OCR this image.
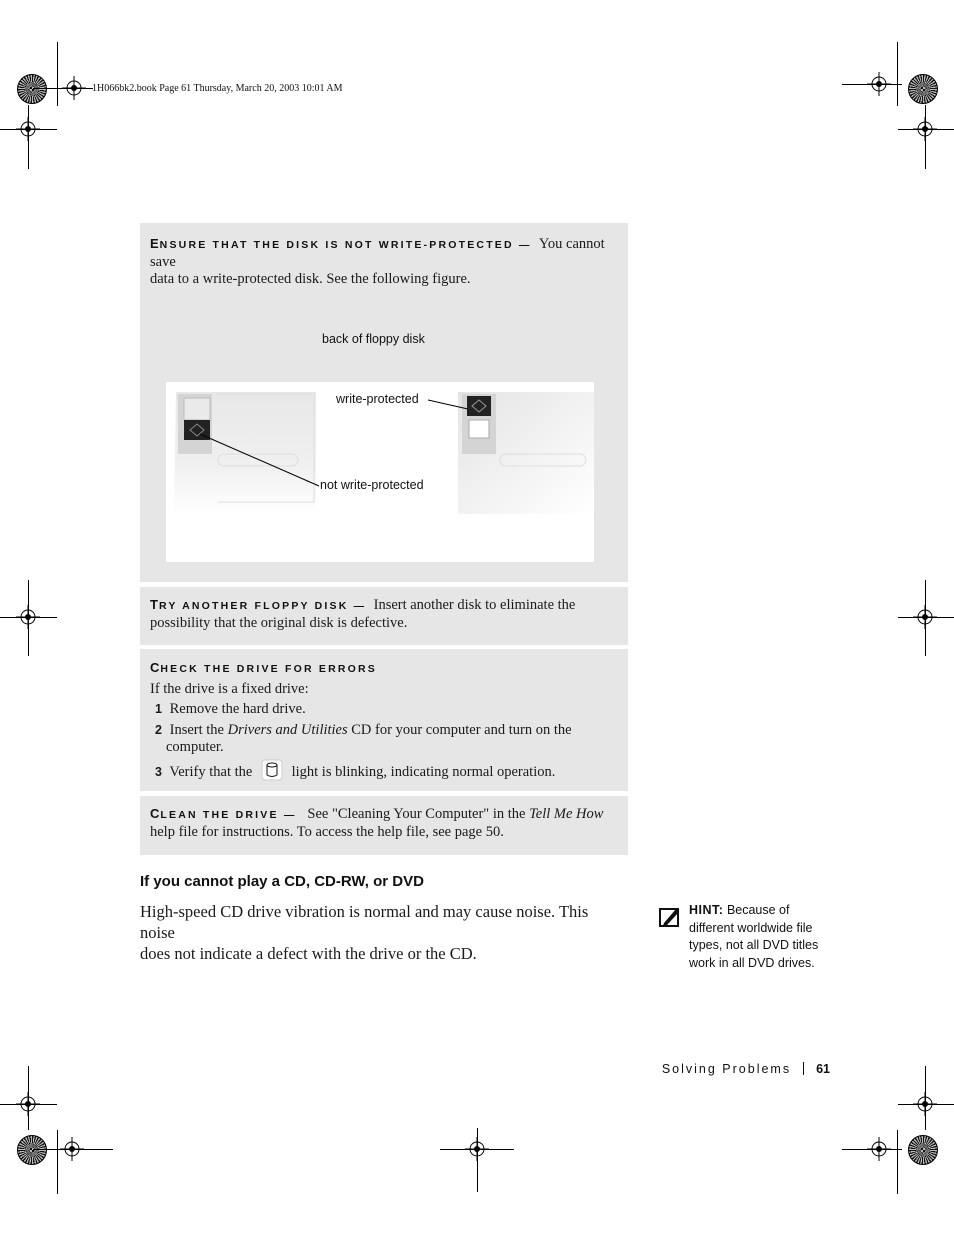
1H066bk2.book Page 61 Thursday, March 20, 2003 10:01 AM
ENSURE THAT THE DISK IS NOT WRITE-PROTECTED — You cannot save
data to a write-protected disk. See the following figure.
back of floppy disk
write-protected
not write-protected
TRY ANOTHER FLOPPY DISK — Insert another disk to eliminate the
possibility that the original disk is defective.
CHECK THE DRIVE FOR ERRORS
If the drive is a fixed drive:
1 Remove the hard drive.
2 Insert the Drivers and Utilities CD for your computer and turn on the
computer.
3 Verify that the	light is blinking, indicating normal operation.
CLEAN THE DRIVE — See "Cleaning Your Computer" in the Tell Me How
help file for instructions. To access the help file, see page 50.
If you cannot play a CD, CD-RW, or DVD
High-speed CD drive vibration is normal and may cause noise. This noise
does not indicate a defect with the drive or the CD.
HINT: Because of
different worldwide file
types, not all DVD titles
work in all DVD drives.
Solving Problems 61
